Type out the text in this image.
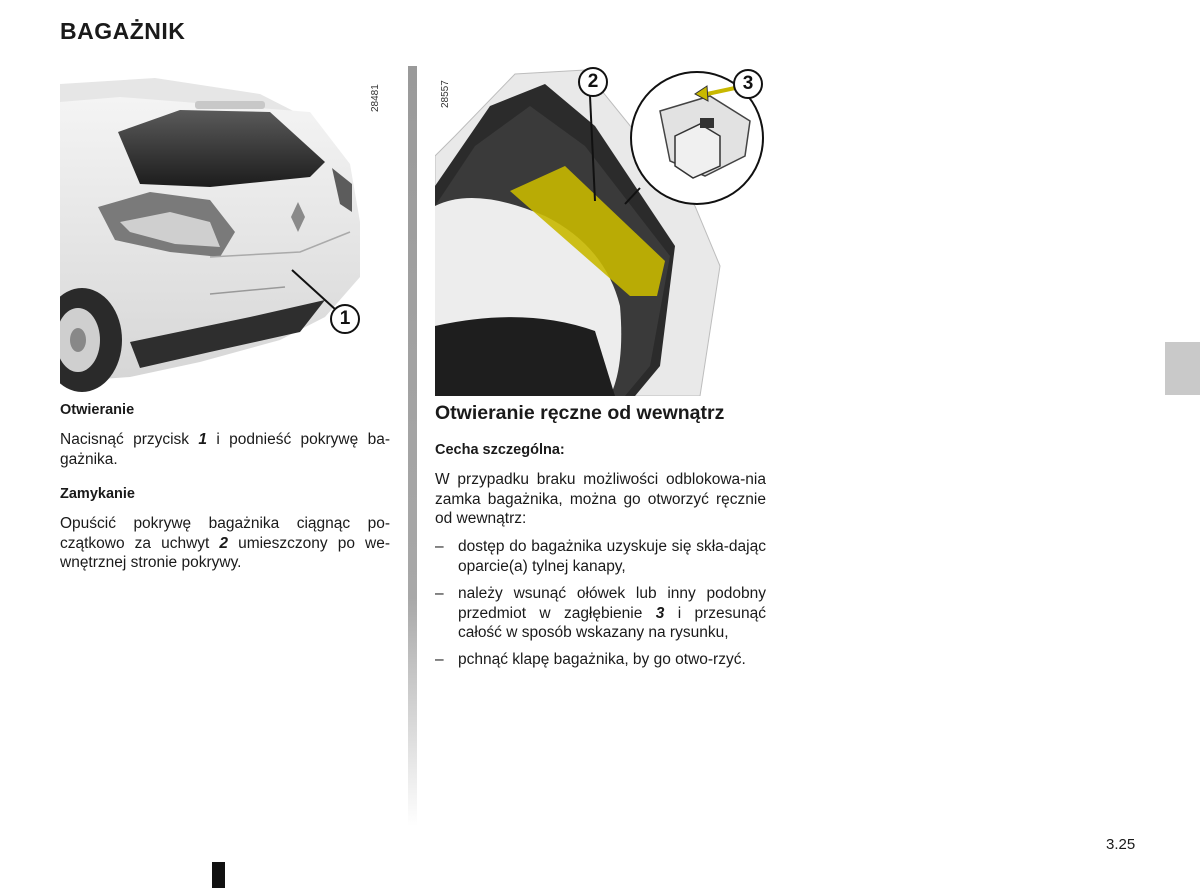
BAGAŻNIK
28481
1
28557	2	3
Otwieranie
Nacisnąć przycisk 1 i podnieść pokrywę ba-gażnika.
Zamykanie
Opuścić pokrywę bagażnika ciągnąc po-czątkowo za uchwyt 2 umieszczony po we-wnętrznej stronie pokrywy.
Otwieranie ręczne od wewnątrz
Cecha szczególna:
W przypadku braku możliwości odblokowa-nia zamka bagażnika, można go otworzyć ręcznie od wewnątrz:
– dostęp do bagażnika uzyskuje się skła-dając oparcie(a) tylnej kanapy,
– należy wsunąć ołówek lub inny podobny przedmiot w zagłębienie 3 i przesunąć całość w sposób wskazany na rysunku,
– pchnąć klapę bagażnika, by go otwo-rzyć.
3.25
